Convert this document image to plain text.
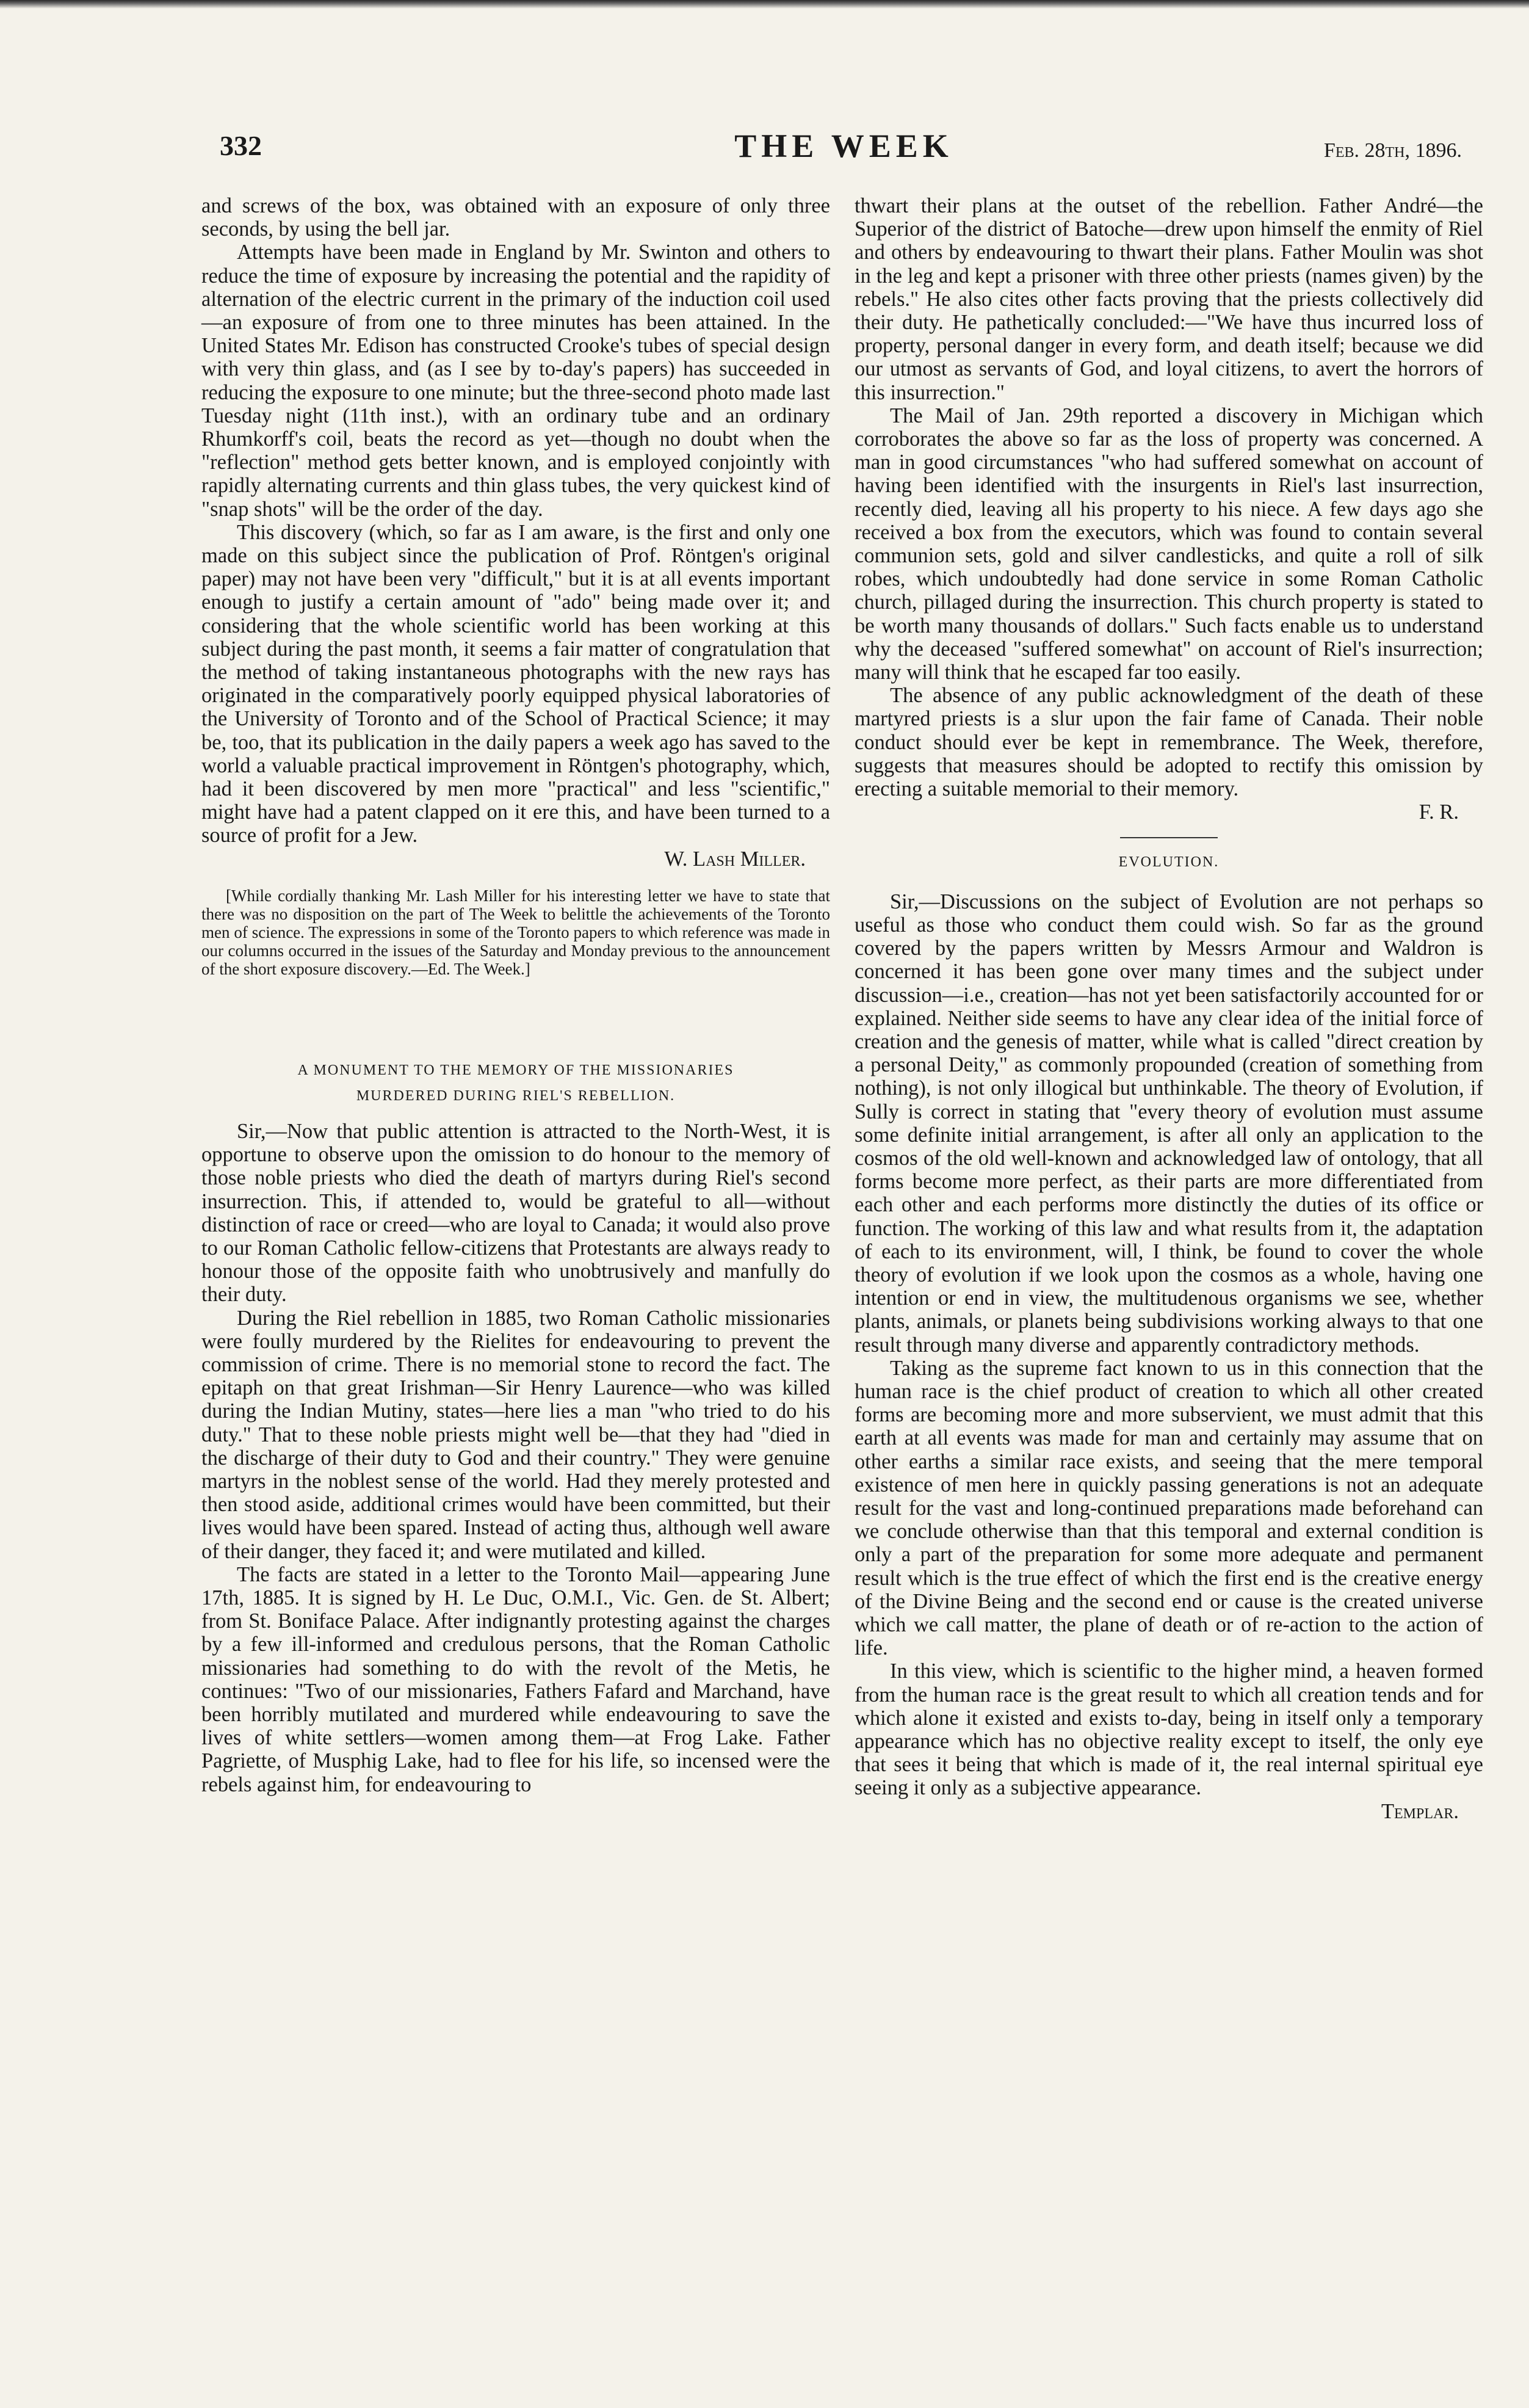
332	THE WEEK	Feb. 28th, 1896.

and screws of the box, was obtained with an exposure of only three seconds, by using the bell jar.

Attempts have been made in England by Mr. Swinton and others to reduce the time of exposure by increasing the potential and the rapidity of alternation of the electric current in the primary of the induction coil used—an exposure of from one to three minutes has been attained. In the United States Mr. Edison has constructed Crooke's tubes of special design with very thin glass, and (as I see by to-day's papers) has succeeded in reducing the exposure to one minute; but the three-second photo made last Tuesday night (11th inst.), with an ordinary tube and an ordinary Rhumkorff's coil, beats the record as yet—though no doubt when the "reflection" method gets better known, and is employed conjointly with rapidly alternating currents and thin glass tubes, the very quickest kind of "snap shots" will be the order of the day.

This discovery (which, so far as I am aware, is the first and only one made on this subject since the publication of Prof. Röntgen's original paper) may not have been very "difficult," but it is at all events important enough to justify a certain amount of "ado" being made over it; and considering that the whole scientific world has been working at this subject during the past month, it seems a fair matter of congratulation that the method of taking instantaneous photographs with the new rays has originated in the comparatively poorly equipped physical laboratories of the University of Toronto and of the School of Practical Science; it may be, too, that its publication in the daily papers a week ago has saved to the world a valuable practical improvement in Röntgen's photography, which, had it been discovered by men more "practical" and less "scientific," might have had a patent clapped on it ere this, and have been turned to a source of profit for a Jew.

W. Lash Miller.

[While cordially thanking Mr. Lash Miller for his interesting letter we have to state that there was no disposition on the part of The Week to belittle the achievements of the Toronto men of science. The expressions in some of the Toronto papers to which reference was made in our columns occurred in the issues of the Saturday and Monday previous to the announcement of the short exposure discovery.—Ed. The Week.]

A MONUMENT TO THE MEMORY OF THE MISSIONARIES
MURDERED DURING RIEL'S REBELLION.

Sir,—Now that public attention is attracted to the North-West, it is opportune to observe upon the omission to do honour to the memory of those noble priests who died the death of martyrs during Riel's second insurrection. This, if attended to, would be grateful to all—without distinction of race or creed—who are loyal to Canada; it would also prove to our Roman Catholic fellow-citizens that Protestants are always ready to honour those of the opposite faith who unobtrusively and manfully do their duty.

During the Riel rebellion in 1885, two Roman Catholic missionaries were foully murdered by the Rielites for endeavouring to prevent the commission of crime. There is no memorial stone to record the fact. The epitaph on that great Irishman—Sir Henry Laurence—who was killed during the Indian Mutiny, states—here lies a man "who tried to do his duty." That to these noble priests might well be—that they had "died in the discharge of their duty to God and their country." They were genuine martyrs in the noblest sense of the world. Had they merely protested and then stood aside, additional crimes would have been committed, but their lives would have been spared. Instead of acting thus, although well aware of their danger, they faced it; and were mutilated and killed.

The facts are stated in a letter to the Toronto Mail—appearing June 17th, 1885. It is signed by H. Le Duc, O.M.I., Vic. Gen. de St. Albert; from St. Boniface Palace. After indignantly protesting against the charges by a few ill-informed and credulous persons, that the Roman Catholic missionaries had something to do with the revolt of the Metis, he continues: "Two of our missionaries, Fathers Fafard and Marchand, have been horribly mutilated and murdered while endeavouring to save the lives of white settlers—women among them—at Frog Lake. Father Pagriette, of Musphig Lake, had to flee for his life, so incensed were the rebels against him, for endeavouring to

thwart their plans at the outset of the rebellion. Father André—the Superior of the district of Batoche—drew upon himself the enmity of Riel and others by endeavouring to thwart their plans. Father Moulin was shot in the leg and kept a prisoner with three other priests (names given) by the rebels." He also cites other facts proving that the priests collectively did their duty. He pathetically concluded:—"We have thus incurred loss of property, personal danger in every form, and death itself; because we did our utmost as servants of God, and loyal citizens, to avert the horrors of this insurrection."

The Mail of Jan. 29th reported a discovery in Michigan which corroborates the above so far as the loss of property was concerned. A man in good circumstances "who had suffered somewhat on account of having been identified with the insurgents in Riel's last insurrection, recently died, leaving all his property to his niece. A few days ago she received a box from the executors, which was found to contain several communion sets, gold and silver candlesticks, and quite a roll of silk robes, which undoubtedly had done service in some Roman Catholic church, pillaged during the insurrection. This church property is stated to be worth many thousands of dollars." Such facts enable us to understand why the deceased "suffered somewhat" on account of Riel's insurrection; many will think that he escaped far too easily.

The absence of any public acknowledgment of the death of these martyred priests is a slur upon the fair fame of Canada. Their noble conduct should ever be kept in remembrance. The Week, therefore, suggests that measures should be adopted to rectify this omission by erecting a suitable memorial to their memory.

F. R.
EVOLUTION.

Sir,—Discussions on the subject of Evolution are not perhaps so useful as those who conduct them could wish. So far as the ground covered by the papers written by Messrs Armour and Waldron is concerned it has been gone over many times and the subject under discussion—i.e., creation—has not yet been satisfactorily accounted for or explained. Neither side seems to have any clear idea of the initial force of creation and the genesis of matter, while what is called "direct creation by a personal Deity," as commonly propounded (creation of something from nothing), is not only illogical but unthinkable. The theory of Evolution, if Sully is correct in stating that "every theory of evolution must assume some definite initial arrangement, is after all only an application to the cosmos of the old well-known and acknowledged law of ontology, that all forms become more perfect, as their parts are more differentiated from each other and each performs more distinctly the duties of its office or function. The working of this law and what results from it, the adaptation of each to its environment, will, I think, be found to cover the whole theory of evolution if we look upon the cosmos as a whole, having one intention or end in view, the multitudenous organisms we see, whether plants, animals, or planets being subdivisions working always to that one result through many diverse and apparently contradictory methods.

Taking as the supreme fact known to us in this connection that the human race is the chief product of creation to which all other created forms are becoming more and more subservient, we must admit that this earth at all events was made for man and certainly may assume that on other earths a similar race exists, and seeing that the mere temporal existence of men here in quickly passing generations is not an adequate result for the vast and long-continued preparations made beforehand can we conclude otherwise than that this temporal and external condition is only a part of the preparation for some more adequate and permanent result which is the true effect of which the first end is the creative energy of the Divine Being and the second end or cause is the created universe which we call matter, the plane of death or of re-action to the action of life.

In this view, which is scientific to the higher mind, a heaven formed from the human race is the great result to which all creation tends and for which alone it existed and exists to-day, being in itself only a temporary appearance which has no objective reality except to itself, the only eye that sees it being that which is made of it, the real internal spiritual eye seeing it only as a subjective appearance.

Templar.
